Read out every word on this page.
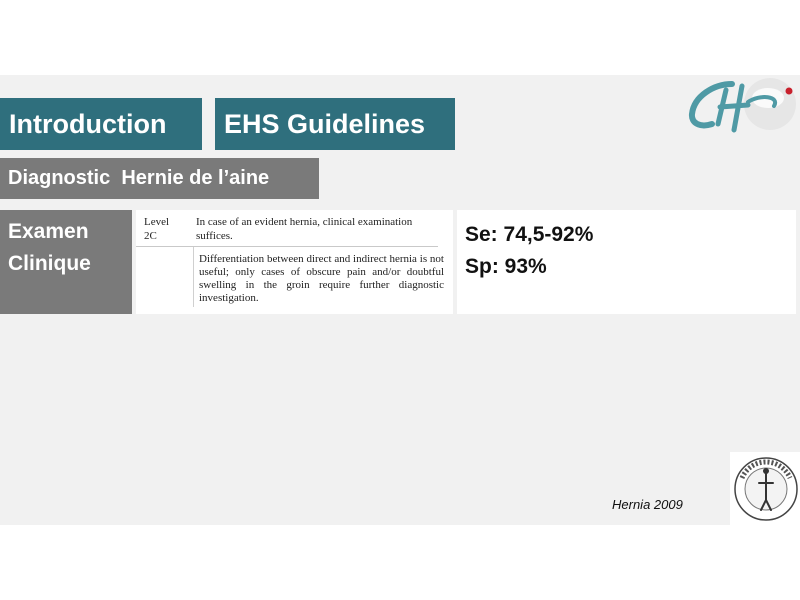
Introduction	EHS Guidelines
Diagnostic  Hernie de l’aine
Examen
Clinique
Level
2C
In case of an evident hernia, clinical examination suffices.
Differentiation between direct and indirect hernia is not useful; only cases of obscure pain and/or doubtful swelling in the groin require further diagnostic investigation.
Se: 74,5-92%
Sp: 93%
Hernia 2009
